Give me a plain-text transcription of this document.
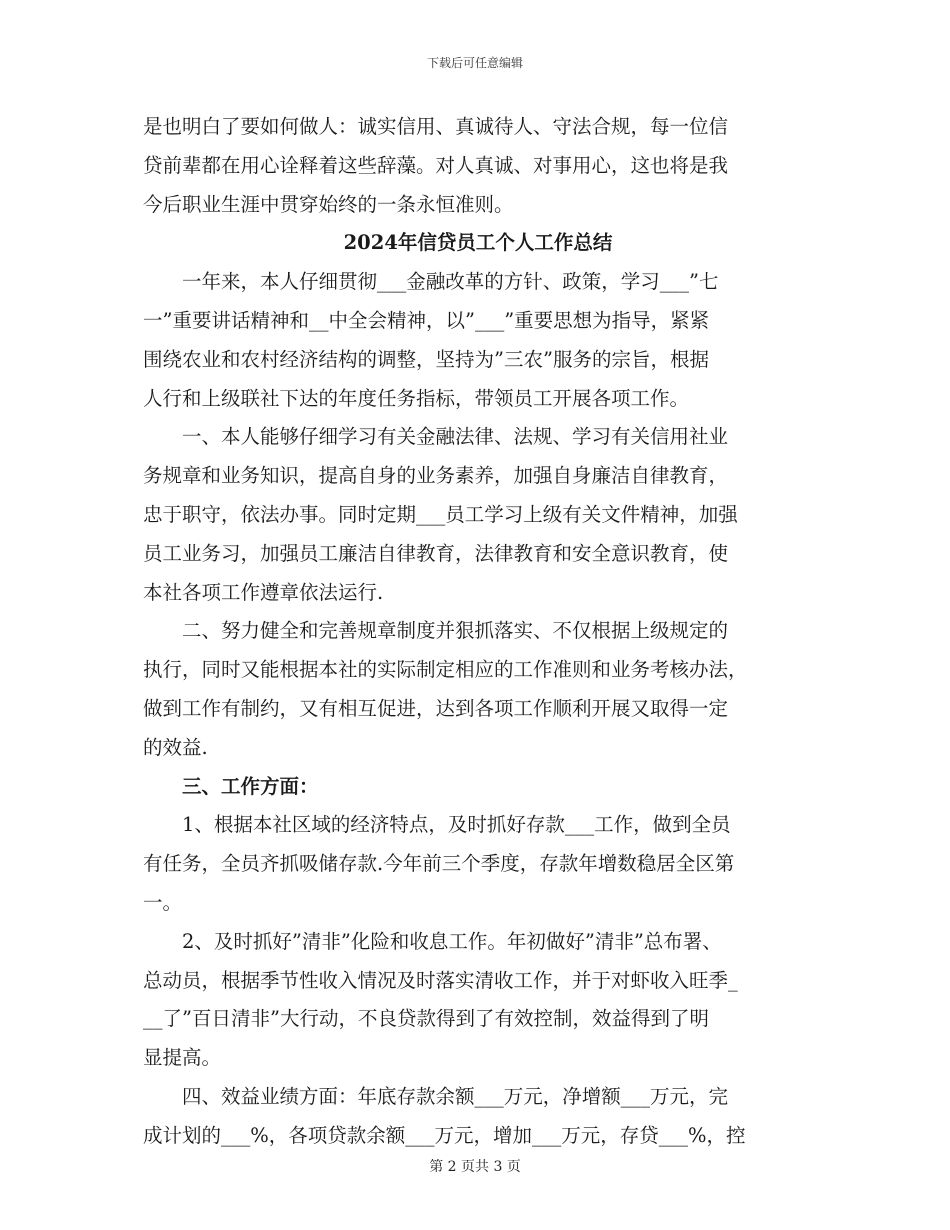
下载后可任意编辑
是也明白了要如何做人：诚实信用、真诚待人、守法合规，每一位信
贷前辈都在用心诠释着这些辞藻。对人真诚、对事用心，这也将是我
今后职业生涯中贯穿始终的一条永恒准则。
2024年信贷员工个人工作总结
一年来，本人仔细贯彻___金融改革的方针、政策，学习___”七
一”重要讲话精神和__中全会精神，以”___”重要思想为指导，紧紧
围绕农业和农村经济结构的调整，坚持为”三农”服务的宗旨，根据
人行和上级联社下达的年度任务指标，带领员工开展各项工作。
一、本人能够仔细学习有关金融法律、法规、学习有关信用社业
务规章和业务知识，提高自身的业务素养，加强自身廉洁自律教育，
忠于职守，依法办事。同时定期___员工学习上级有关文件精神，加强
员工业务习，加强员工廉洁自律教育，法律教育和安全意识教育，使
本社各项工作遵章依法运行.
二、努力健全和完善规章制度并狠抓落实、不仅根据上级规定的
执行，同时又能根据本社的实际制定相应的工作准则和业务考核办法，
做到工作有制约，又有相互促进，达到各项工作顺利开展又取得一定
的效益.
三、工作方面：
1、根据本社区域的经济特点，及时抓好存款___工作，做到全员
有任务，全员齐抓吸储存款.今年前三个季度，存款年增数稳居全区第
一。
2、及时抓好”清非”化险和收息工作。年初做好”清非”总布署、
总动员，根据季节性收入情况及时落实清收工作，并于对虾收入旺季_
__了”百日清非”大行动，不良贷款得到了有效控制，效益得到了明
显提高。
四、效益业绩方面：年底存款余额___万元，净增额___万元，完
成计划的___%，各项贷款余额___万元，增加___万元，存贷___%，控
第 2 页共 3 页
